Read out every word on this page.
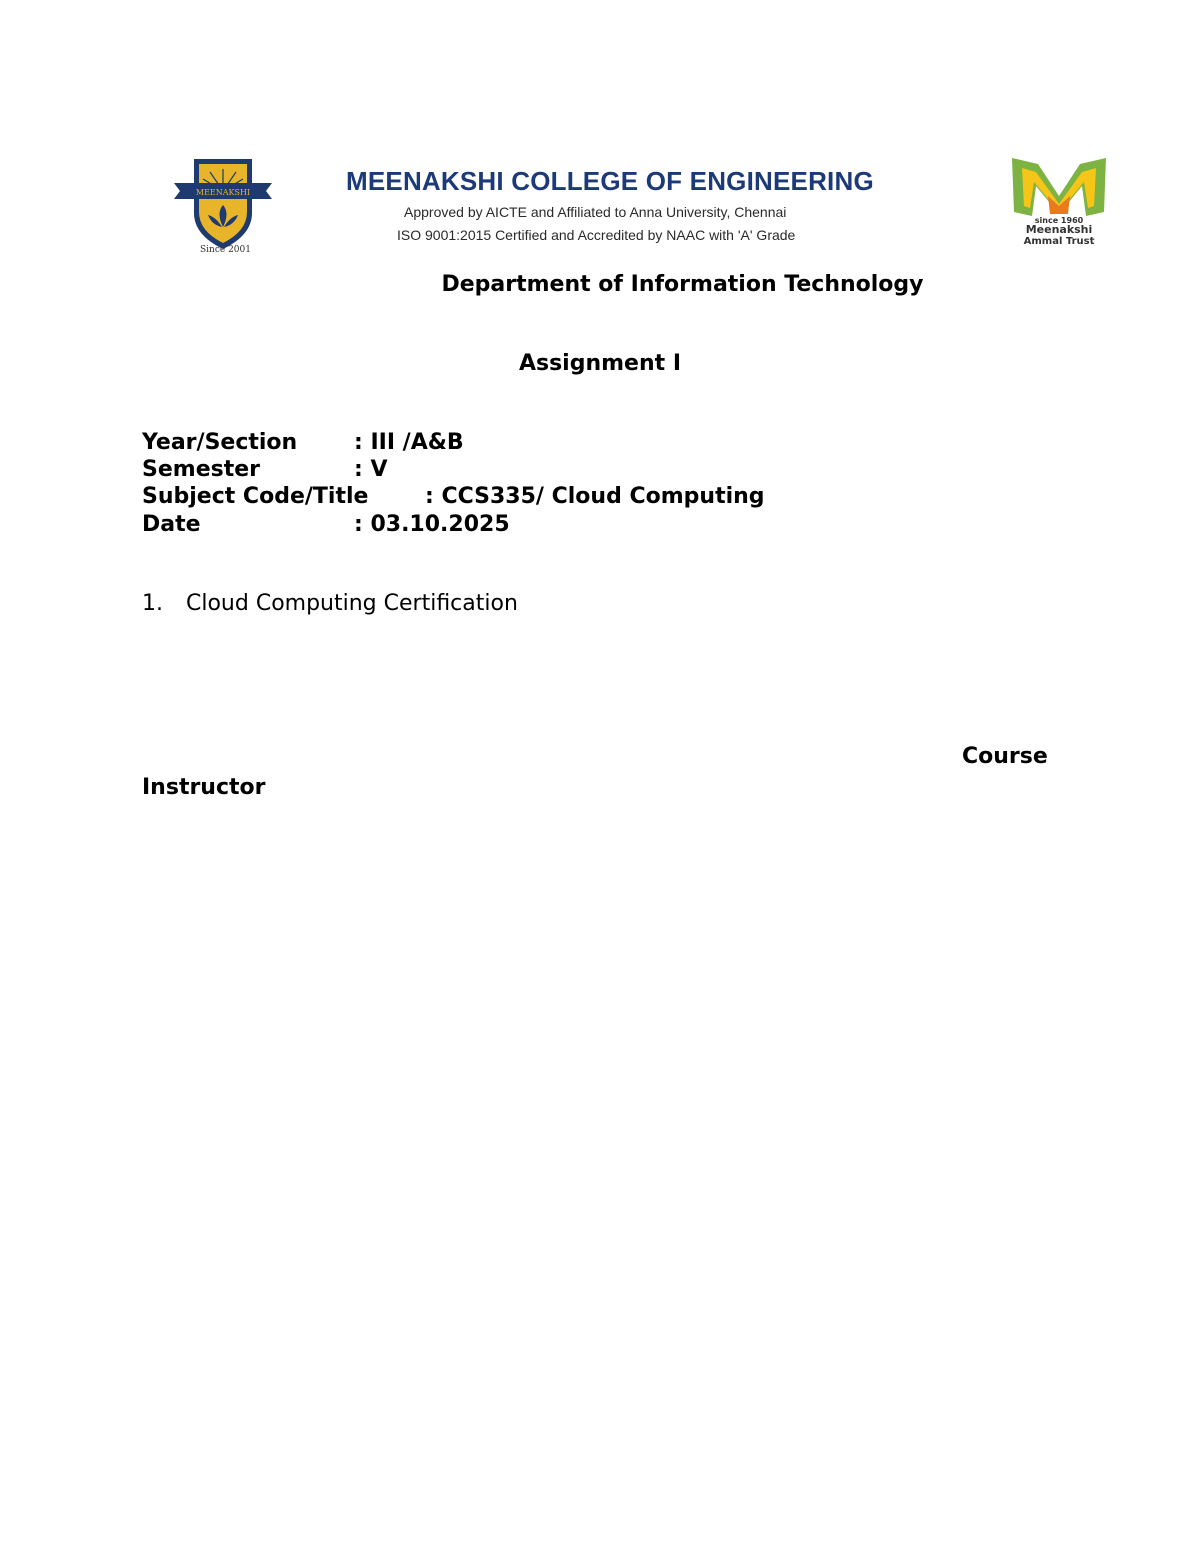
MEENAKSHI
Since 2001
MEENAKSHI COLLEGE OF ENGINEERING
Approved by AICTE and Affiliated to Anna University, Chennai
ISO 9001:2015 Certified and Accredited by NAAC with 'A' Grade
since 1960
Meenakshi
Ammal Trust
Department of Information Technology
Assignment I
Year/Section	: III /A&B
Semester	: V
Subject Code/Title	: CCS335/ Cloud Computing
Date	: 03.10.2025
1. Cloud Computing Certification
Course
Instructor
